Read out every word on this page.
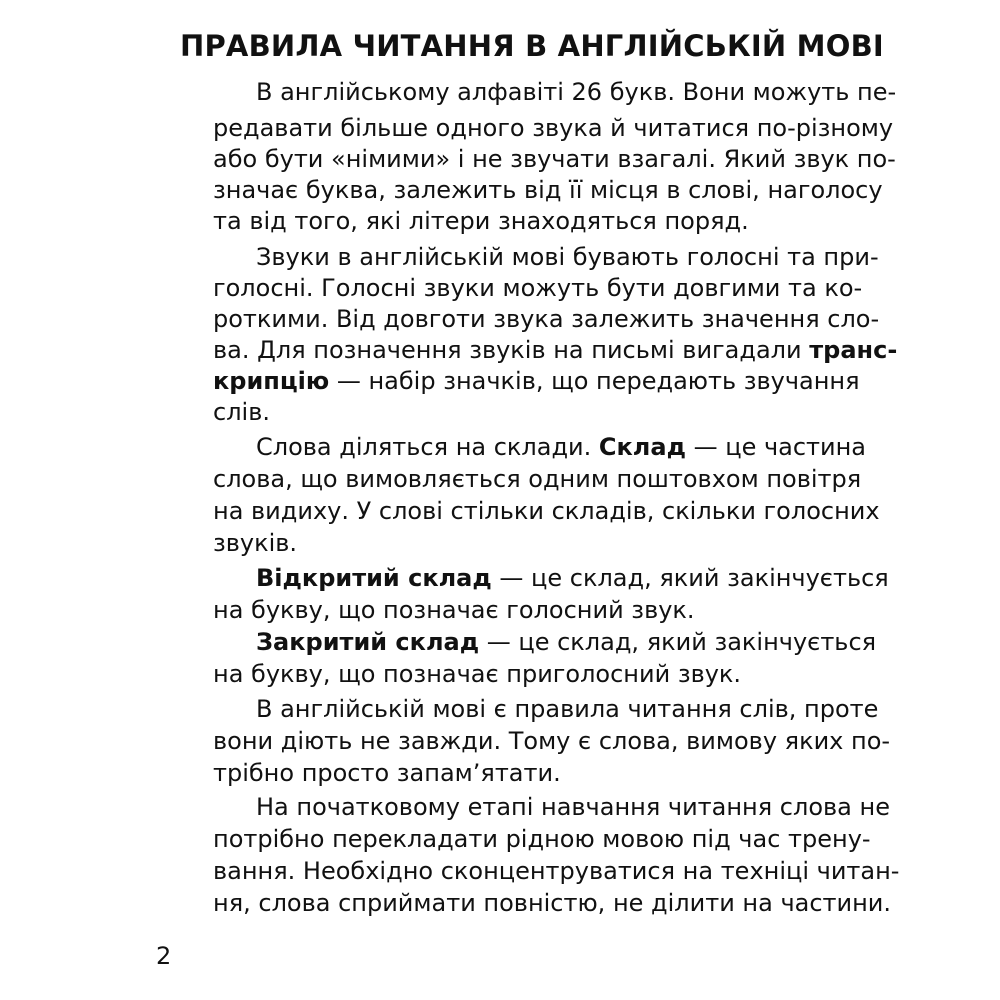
ПРАВИЛА ЧИТАННЯ В АНГЛІЙСЬКІЙ МОВІ
В англійському алфавіті 26 букв. Вони можуть пе-
редавати більше одного звука й читатися по-різному
або бути «німими» і не звучати взагалі. Який звук по-
значає буква, залежить від її місця в слові, наголосу
та від того, які літери знаходяться поряд.
Звуки в англійській мові бувають голосні та при-
голосні. Голосні звуки можуть бути довгими та ко-
роткими. Від довготи звука залежить значення сло-
ва. Для позначення звуків на письмі вигадали транс-
крипцію — набір значків, що передають звучання
слів.
Слова діляться на склади. Склад — це частина
слова, що вимовляється одним поштовхом повітря
на видиху. У слові стільки складів, скільки голосних
звуків.
Відкритий склад — це склад, який закінчується
на букву, що позначає голосний звук.
Закритий склад — це склад, який закінчується
на букву, що позначає приголосний звук.
В англійській мові є правила читання слів, проте
вони діють не завжди. Тому є слова, вимову яких по-
трібно просто запам’ятати.
На початковому етапі навчання читання слова не
потрібно перекладати рідною мовою під час трену-
вання. Необхідно сконцентруватися на техніці читан-
ня, слова сприймати повністю, не ділити на частини.
2
